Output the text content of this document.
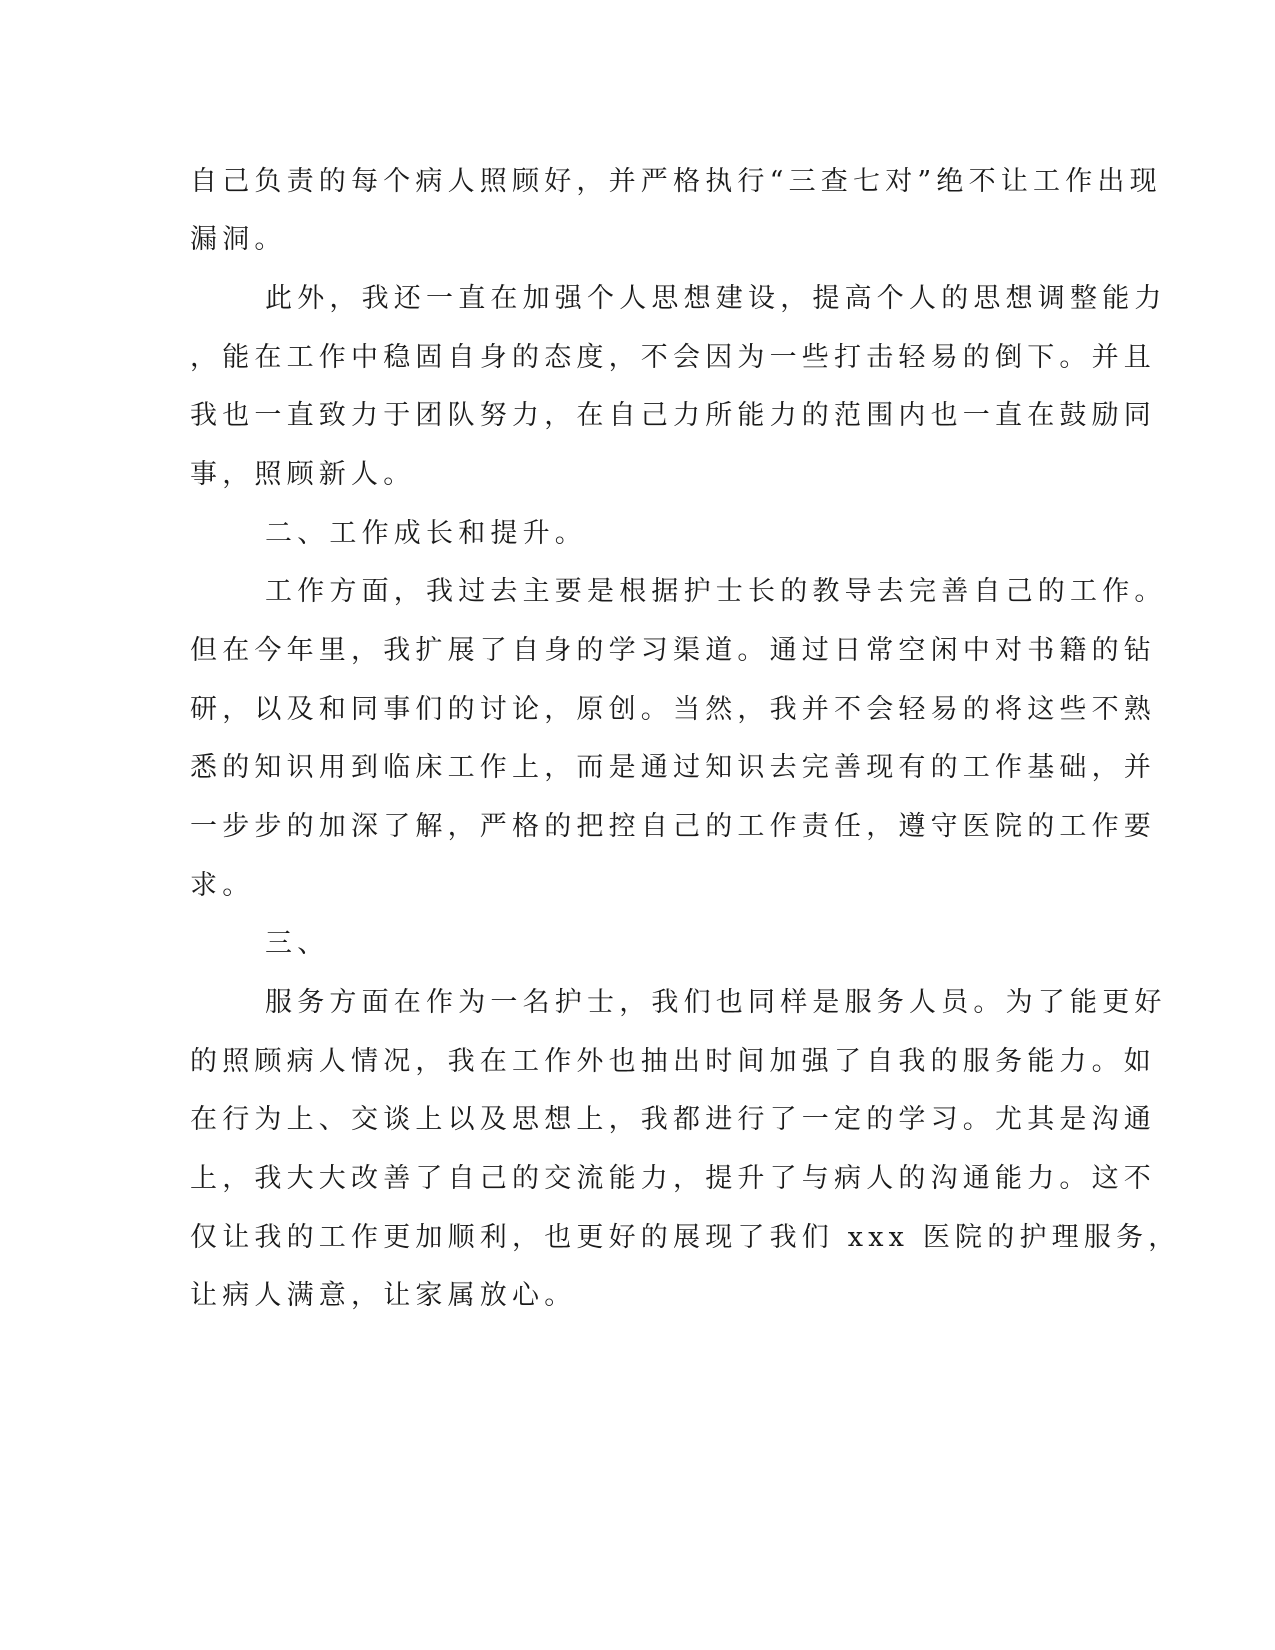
自己负责的每个病人照顾好，并严格执行“三查七对”绝不让工作出现
漏洞。
此外，我还一直在加强个人思想建设，提高个人的思想调整能力
，能在工作中稳固自身的态度，不会因为一些打击轻易的倒下。并且
我也一直致力于团队努力，在自己力所能力的范围内也一直在鼓励同
事，照顾新人。
二、工作成长和提升。
工作方面，我过去主要是根据护士长的教导去完善自己的工作。
但在今年里，我扩展了自身的学习渠道。通过日常空闲中对书籍的钻
研，以及和同事们的讨论，原创。当然，我并不会轻易的将这些不熟
悉的知识用到临床工作上，而是通过知识去完善现有的工作基础，并
一步步的加深了解，严格的把控自己的工作责任，遵守医院的工作要
求。
三、
服务方面在作为一名护士，我们也同样是服务人员。为了能更好
的照顾病人情况，我在工作外也抽出时间加强了自我的服务能力。如
在行为上、交谈上以及思想上，我都进行了一定的学习。尤其是沟通
上，我大大改善了自己的交流能力，提升了与病人的沟通能力。这不
仅让我的工作更加顺利，也更好的展现了我们 xxx 医院的护理服务，
让病人满意，让家属放心。
